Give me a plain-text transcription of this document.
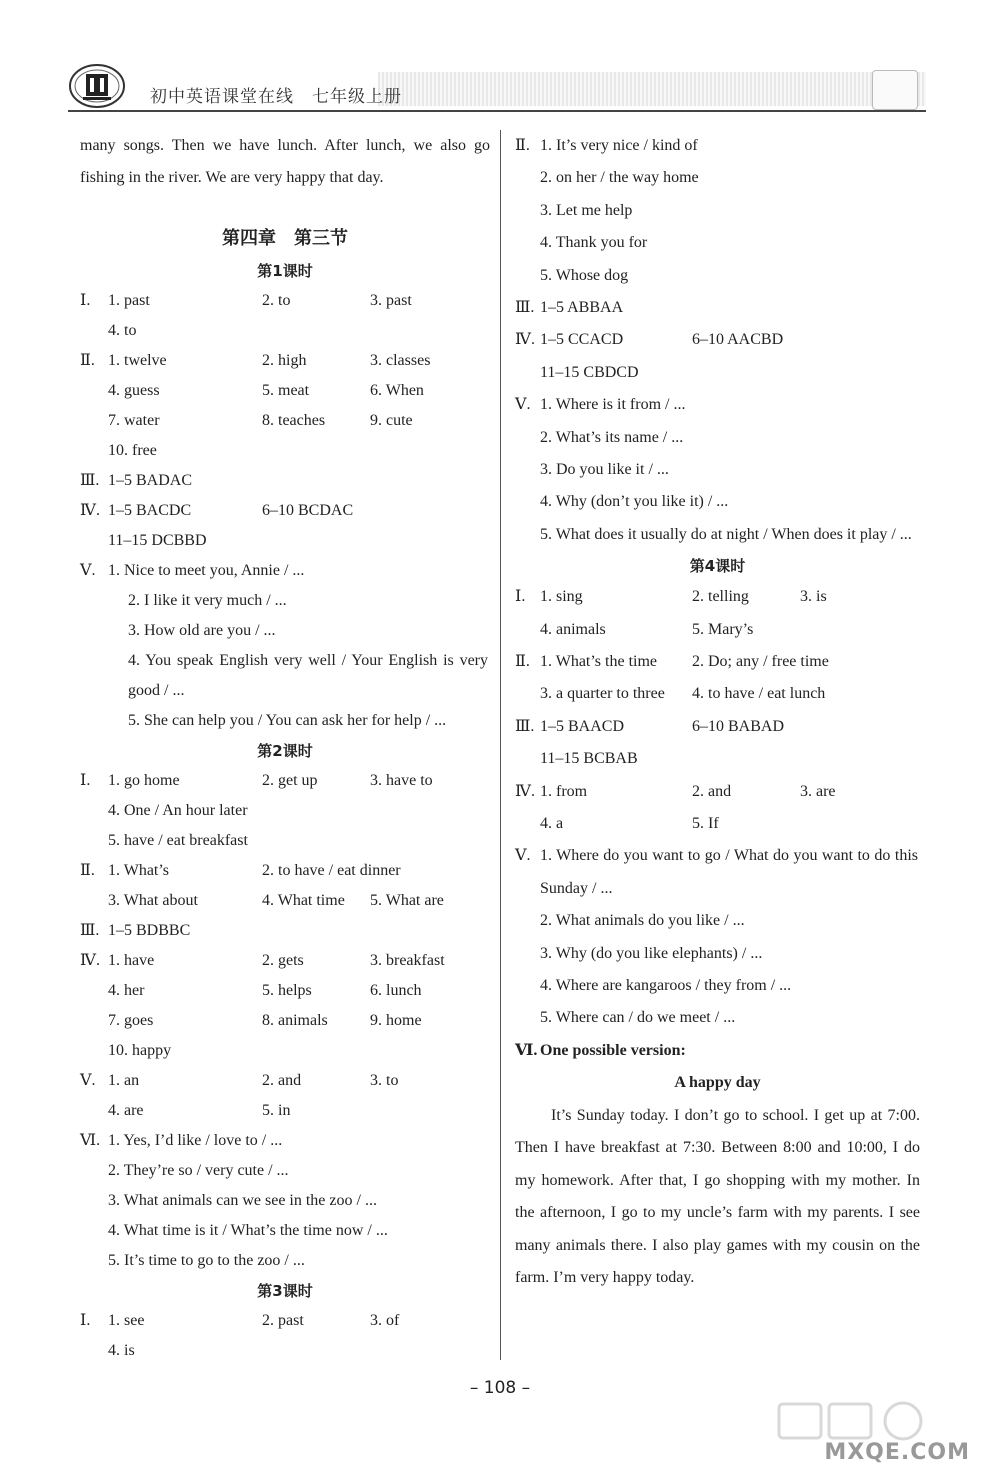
初中英语课堂在线　七年级上册

many songs. Then we have lunch. After lunch, we also go fishing in the river. We are very happy that day.

第四章　第三节
第1课时
Ⅰ. 1. past	2. to	3. past
4. to
Ⅱ. 1. twelve	2. high	3. classes
4. guess	5. meat	6. When
7. water	8. teaches	9. cute
10. free
Ⅲ. 1–5 BADAC
Ⅳ. 1–5 BACDC	6–10 BCDAC
11–15 DCBBD
Ⅴ. 1. Nice to meet you, Annie / ...
2. I like it very much / ...
3. How old are you / ...
4. You speak English very well / Your English is very good / ...
5. She can help you / You can ask her for help / ...
第2课时
Ⅰ. 1. go home	2. get up	3. have to
4. One / An hour later
5. have / eat breakfast
Ⅱ. 1. What’s	2. to have / eat dinner
3. What about	4. What time 5. What are
Ⅲ. 1–5 BDBBC
Ⅳ. 1. have	2. gets	3. breakfast
4. her	5. helps	6. lunch
7. goes	8. animals	9. home
10. happy
Ⅴ. 1. an	2. and	3. to
4. are	5. in
Ⅵ. 1. Yes, I’d like / love to / ...
2. They’re so / very cute / ...
3. What animals can we see in the zoo / ...
4. What time is it / What’s the time now / ...
5. It’s time to go to the zoo / ...
第3课时
Ⅰ. 1. see	2. past	3. of
4. is
Ⅱ. 1. It’s very nice / kind of
2. on her / the way home
3. Let me help
4. Thank you for
5. Whose dog
Ⅲ. 1–5 ABBAA
Ⅳ. 1–5 CCACD	6–10 AACBD
11–15 CBDCD
Ⅴ. 1. Where is it from / ...
2. What’s its name / ...
3. Do you like it / ...
4. Why (don’t you like it) / ...
5. What does it usually do at night / When does it play / ...
第4课时
Ⅰ. 1. sing	2. telling	3. is
4. animals	5. Mary’s
Ⅱ. 1. What’s the time 2. Do; any / free time
3. a quarter to three 4. to have / eat lunch
Ⅲ. 1–5 BAACD	6–10 BABAD
11–15 BCBAB
Ⅳ. 1. from	2. and	3. are
4. a	5. If
Ⅴ. 1. Where do you want to go / What do you want to do this Sunday / ...
2. What animals do you like / ...
3. Why (do you like elephants) / ...
4. Where are kangaroos / they from / ...
5. Where can / do we meet / ...
Ⅵ. One possible version:
A happy day

It’s Sunday today. I don’t go to school. I get up at 7:00. Then I have breakfast at 7:30. Between 8:00 and 10:00, I do my homework. After that, I go shopping with my mother. In the afternoon, I go to my uncle’s farm with my parents. I see many animals there. I also play games with my cousin on the farm. I’m very happy today.

– 108 –
MXQE.COM
